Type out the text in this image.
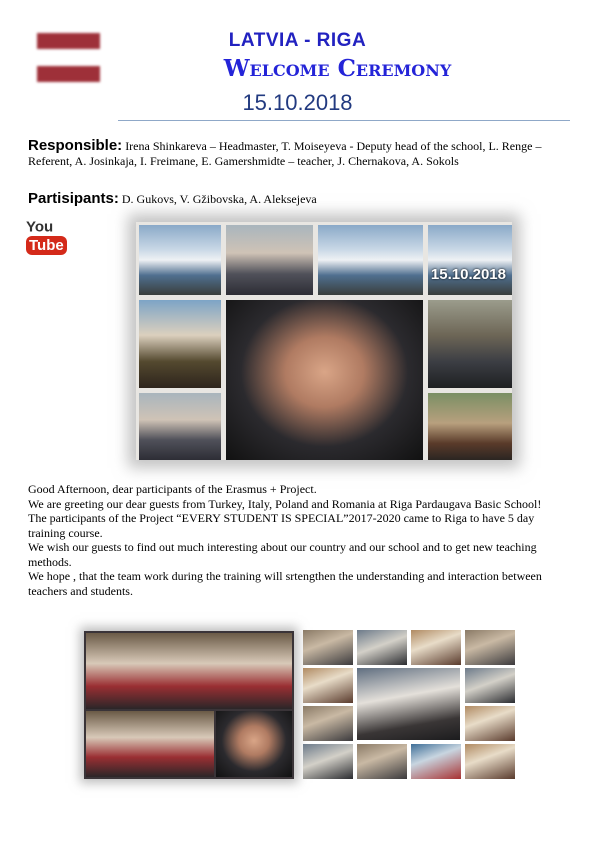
LATVIA - RIGA
Welcome Ceremony
15.10.2018
Responsible: Irena Shinkareva – Headmaster, T. Moiseyeva - Deputy head of the school, L. Renge – Referent, A. Josinkaja, I. Freimane, E. Gamershmidte – teacher, J. Chernakova, A. Sokols
Partisipants: D. Gukovs, V. Gžibovska, A. Aleksejeva
YouTube
15.10.2018

Good Afternoon, dear participants of the Erasmus + Project.

We are greeting our dear guests from Turkey, Italy, Poland and Romania at Riga Pardaugava Basic School!

The participants of the Project “EVERY STUDENT IS SPECIAL”2017-2020 came to Riga to have 5 day training course.

We wish our guests to find out much interesting about our country and our school and to get new teaching methods.

We hope , that the team work during the training will srtengthen the understanding and interaction between teachers and students.
